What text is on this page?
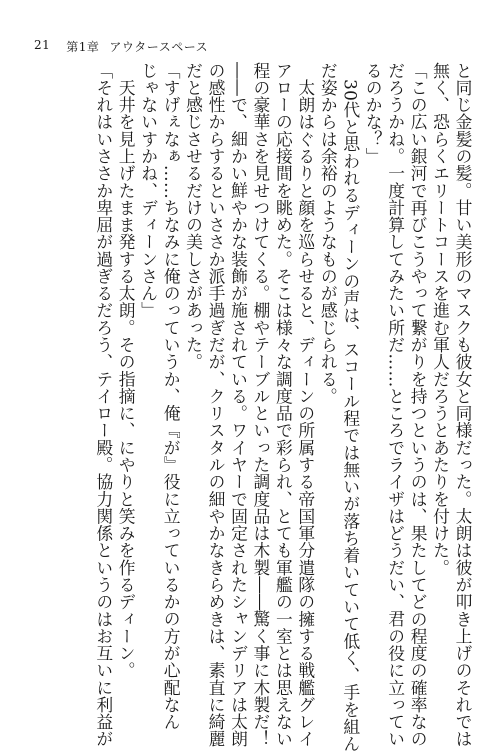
21 第1章 アウタースペース
と同じ金髪の髪。甘い美形のマスクも彼女と同様だった。太朗は彼が叩き上げのそれでは
無く、恐らくエリートコースを進む軍人だろうとあたりを付けた。
「この広い銀河で再びこうやって繋がりを持つというのは、果たしてどの程度の確率なの
だろうかね。一度計算してみたい所だ……ところでライザはどうだい、君の役に立ってい
るのかな？」
　30代と思われるディーンの声は、スコール程では無いが落ち着いていて低く、手を組ん
だ姿からは余裕のようなものが感じられる。
　太朗はぐるりと顔を巡らせると、ディーンの所属する帝国軍分遣隊の擁する戦艦グレイ
アローの応接間を眺めた。そこは様々な調度品で彩られ、とても軍艦の一室とは思えない
程の豪華さを見せつけてくる。棚やテーブルといった調度品は木製――驚く事に木製だ！
――で、細かい鮮やかな装飾が施されている。ワイヤーで固定されたシャンデリアは太朗
の感性からするといささか派手過ぎだが、クリスタルの細やかなきらめきは、素直に綺麗
だと感じさせるだけの美しさがあった。
「すげぇなぁ……ちなみに俺のっていうか、俺『が』役に立っているかの方が心配なん
じゃないすかね、ディーンさん」
　天井を見上げたまま発する太朗。その指摘に、にやりと笑みを作るディーン。
「それはいささか卑屈が過ぎるだろう、テイロー殿。協力関係というのはお互いに利益が
